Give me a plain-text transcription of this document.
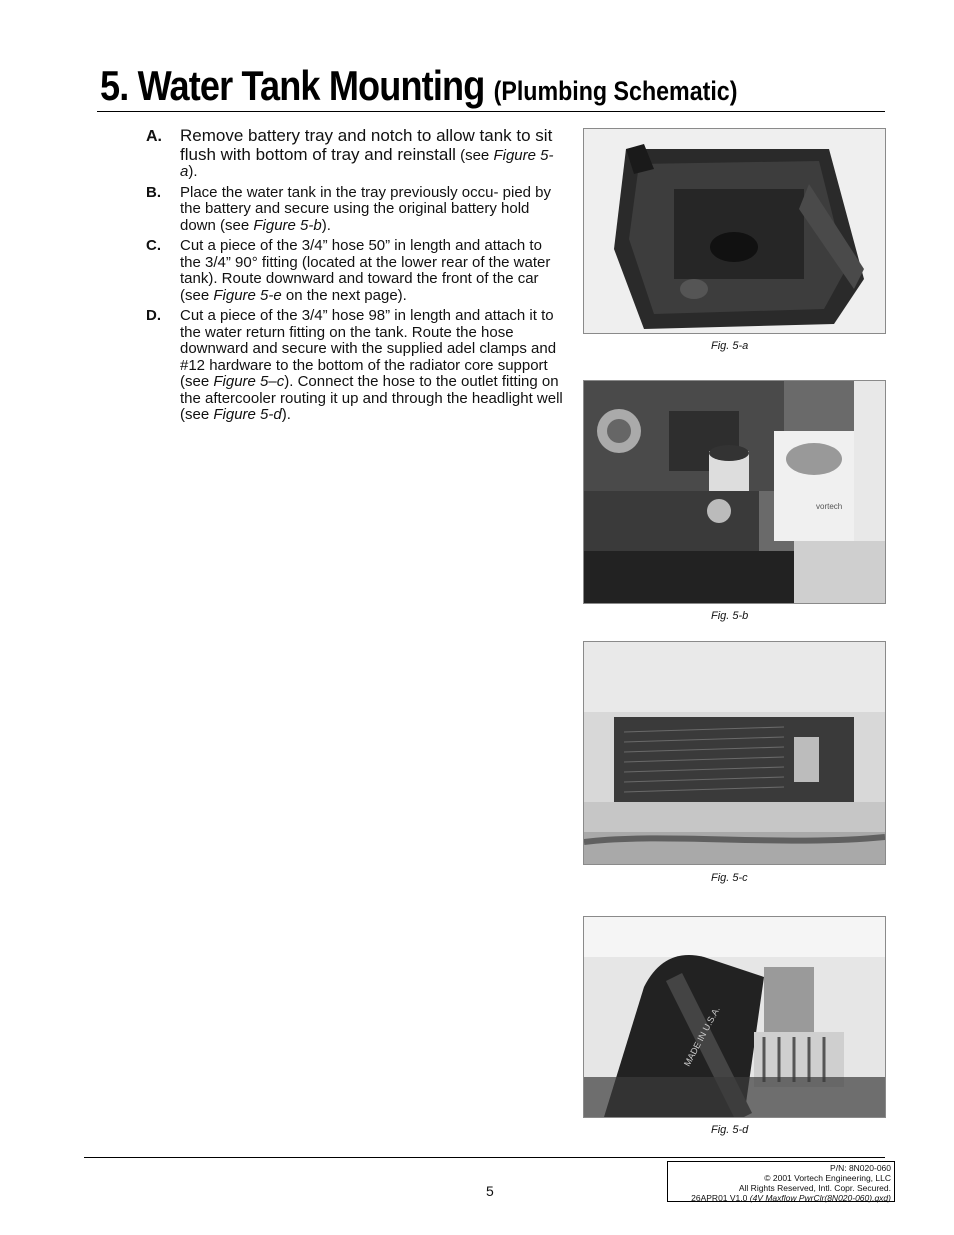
5. Water Tank Mounting (Plumbing Schematic)
A.	Remove battery tray and notch to allow tank to sit flush with bottom of tray and reinstall (see Figure 5-a).
B.	Place the water tank in the tray previously occu- pied by the battery and secure using the original battery hold down (see Figure 5-b).
C.	Cut a piece of the 3/4” hose 50” in length and attach to the 3/4” 90° fitting (located at the lower rear of the water tank). Route downward and toward the front of the car (see Figure 5-e on the next page).
D.	Cut a piece of the 3/4” hose 98” in length and attach it to the water return fitting on the tank. Route the hose downward and secure with the supplied adel clamps and #12 hardware to the bottom of the radiator core support (see Figure 5–c). Connect the hose to the outlet fitting on the aftercooler routing it up and through the headlight well (see Figure 5-d).
Fig. 5-a
vortech
Fig. 5-b
Fig. 5-c
MADE IN U.S.A.
Fig. 5-d
5
P/N: 8N020-060
© 2001 Vortech Engineering, LLC
All Rights Reserved, Intl. Copr. Secured.
26APR01 V1.0 (4V Maxflow PwrClr(8N020-060).qxd)
